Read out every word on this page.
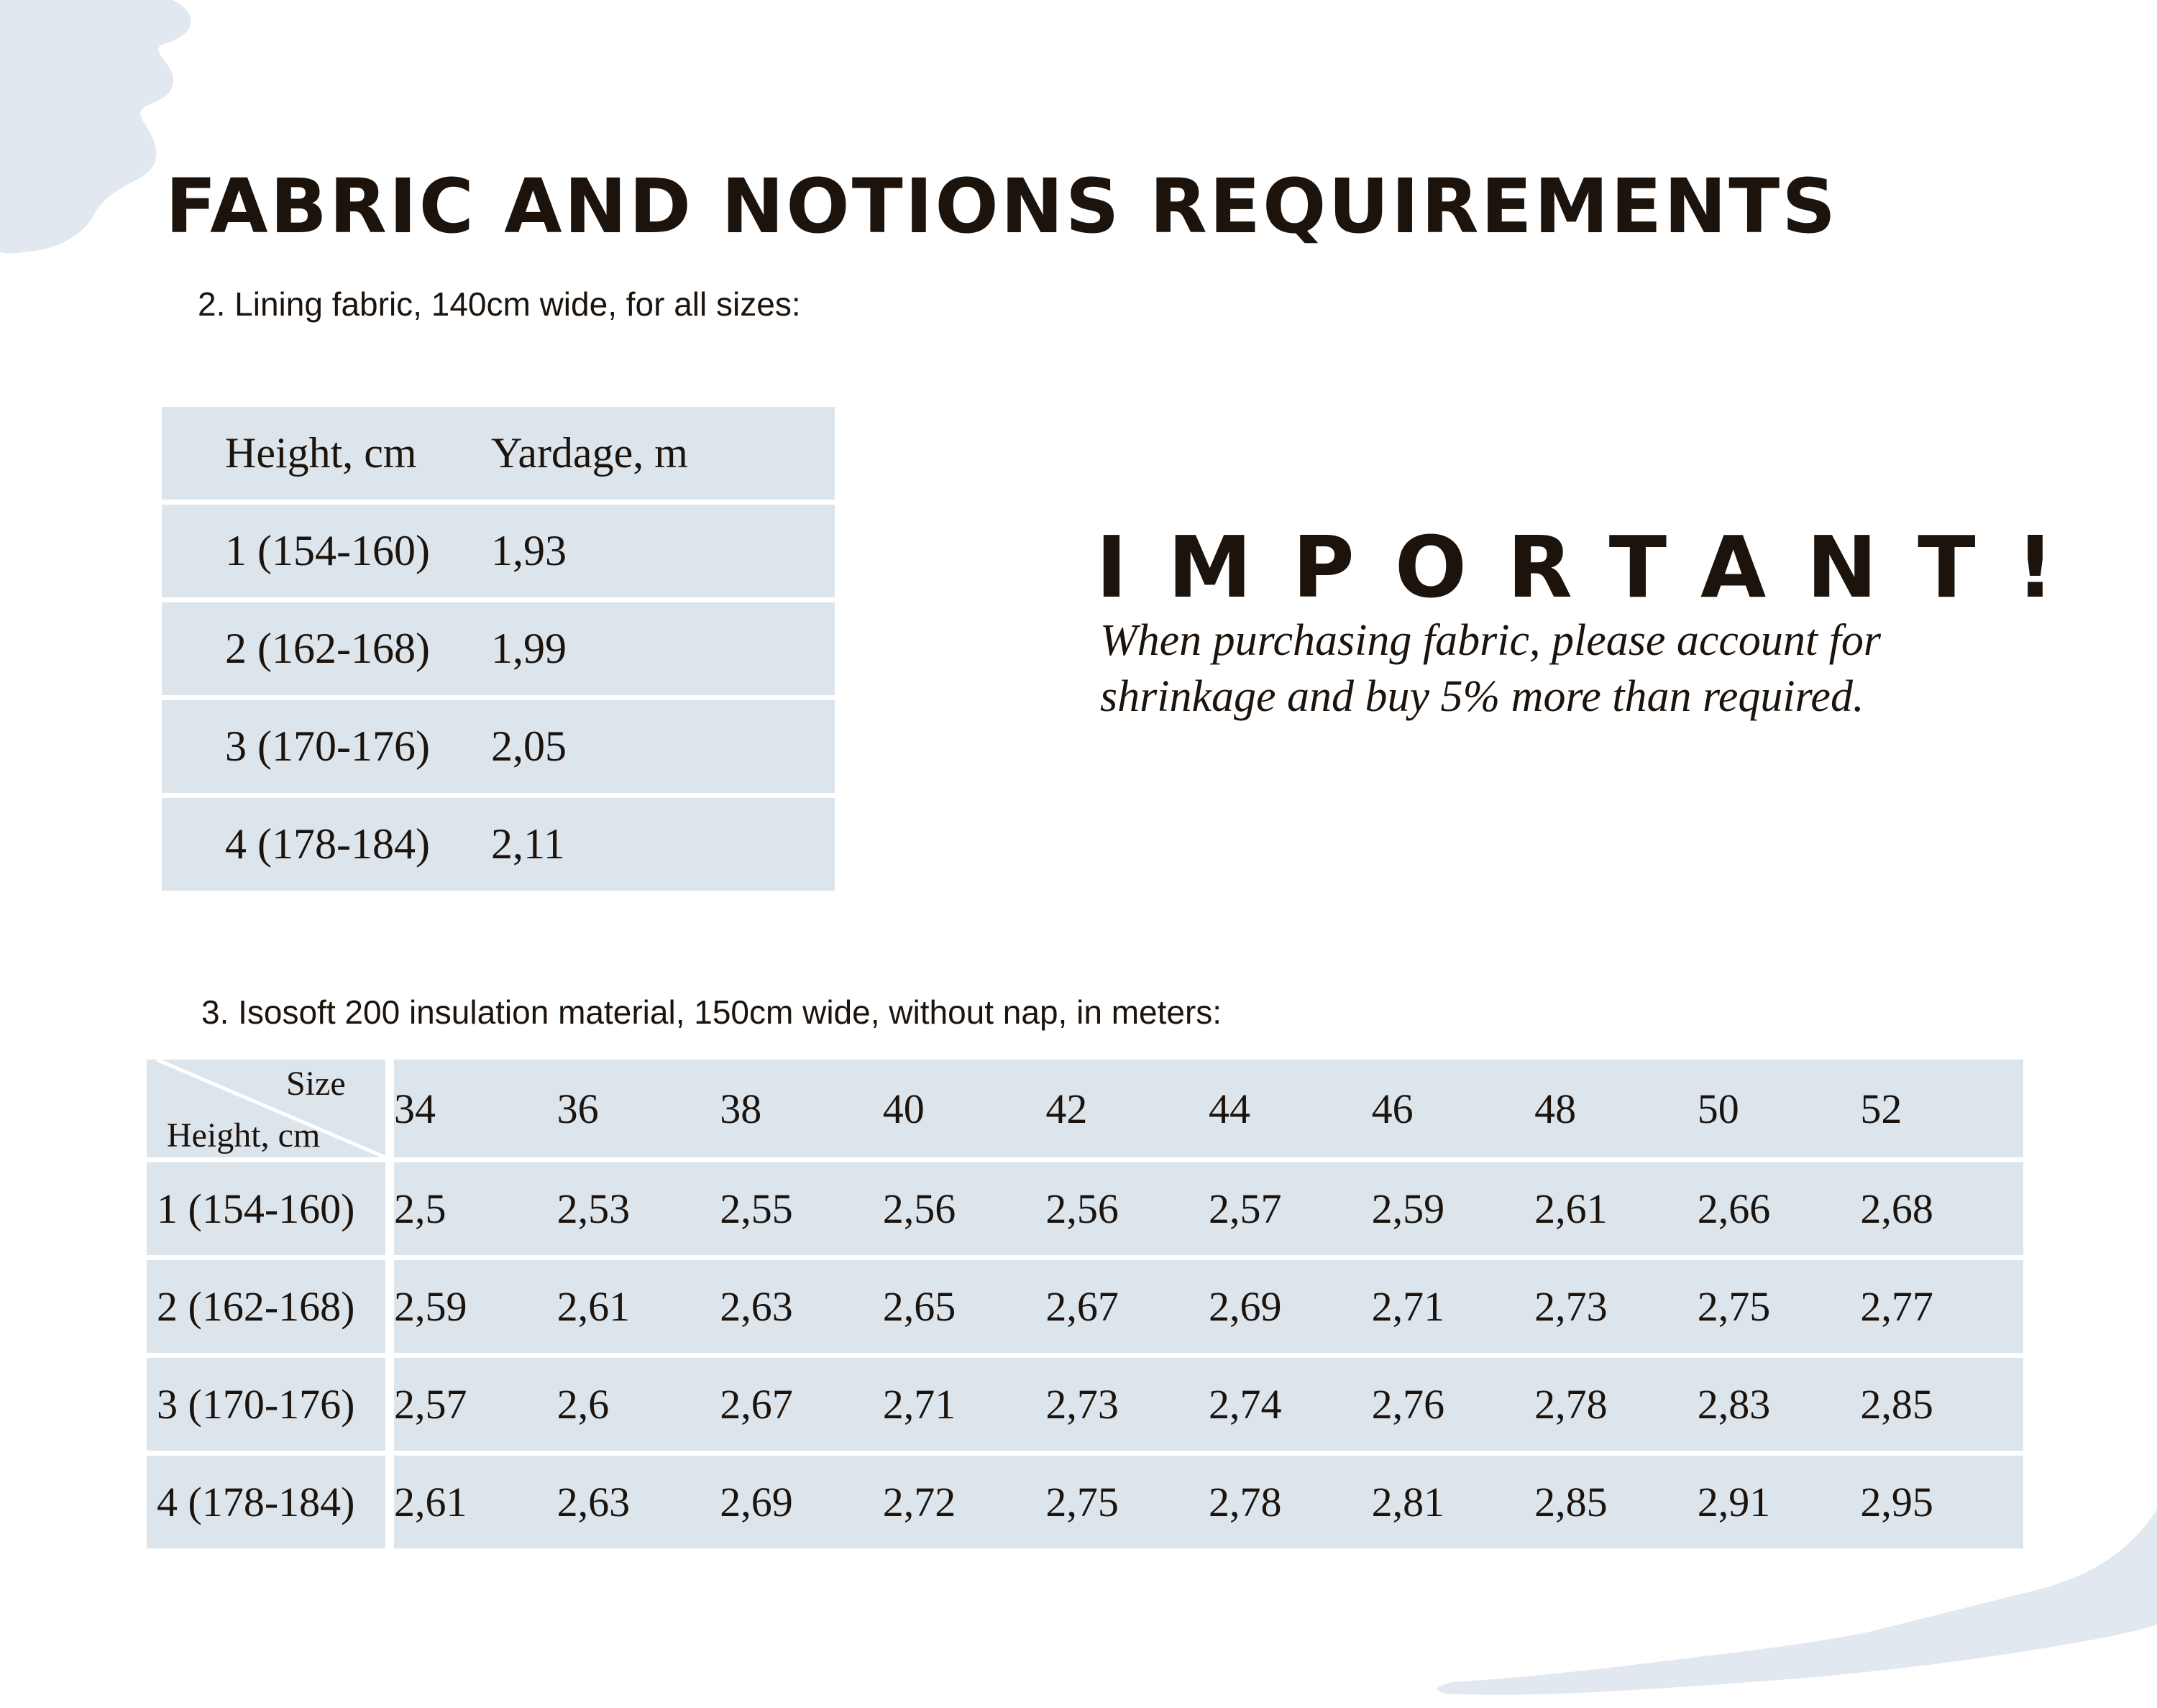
FABRIC AND NOTIONS REQUIREMENTS
2. Lining fabric, 140cm wide, for all sizes:
Height, cm	Yardage, m
1 (154-160)	1,93
2 (162-168)	1,99
3 (170-176)	2,05
4 (178-184)	2,11
IMPORTANT!

When purchasing fabric, please account for shrinkage and buy 5% more than required.

3. Isosoft 200 insulation material, 150cm wide, without nap, in meters:
Size
Height, cm	34	36	38	40	42	44	46	48	50	52
1 (154-160)	2,5	2,53	2,55	2,56	2,56	2,57	2,59	2,61	2,66	2,68
2 (162-168)	2,59	2,61	2,63	2,65	2,67	2,69	2,71	2,73	2,75	2,77
3 (170-176)	2,57	2,6	2,67	2,71	2,73	2,74	2,76	2,78	2,83	2,85
4 (178-184)	2,61	2,63	2,69	2,72	2,75	2,78	2,81	2,85	2,91	2,95
